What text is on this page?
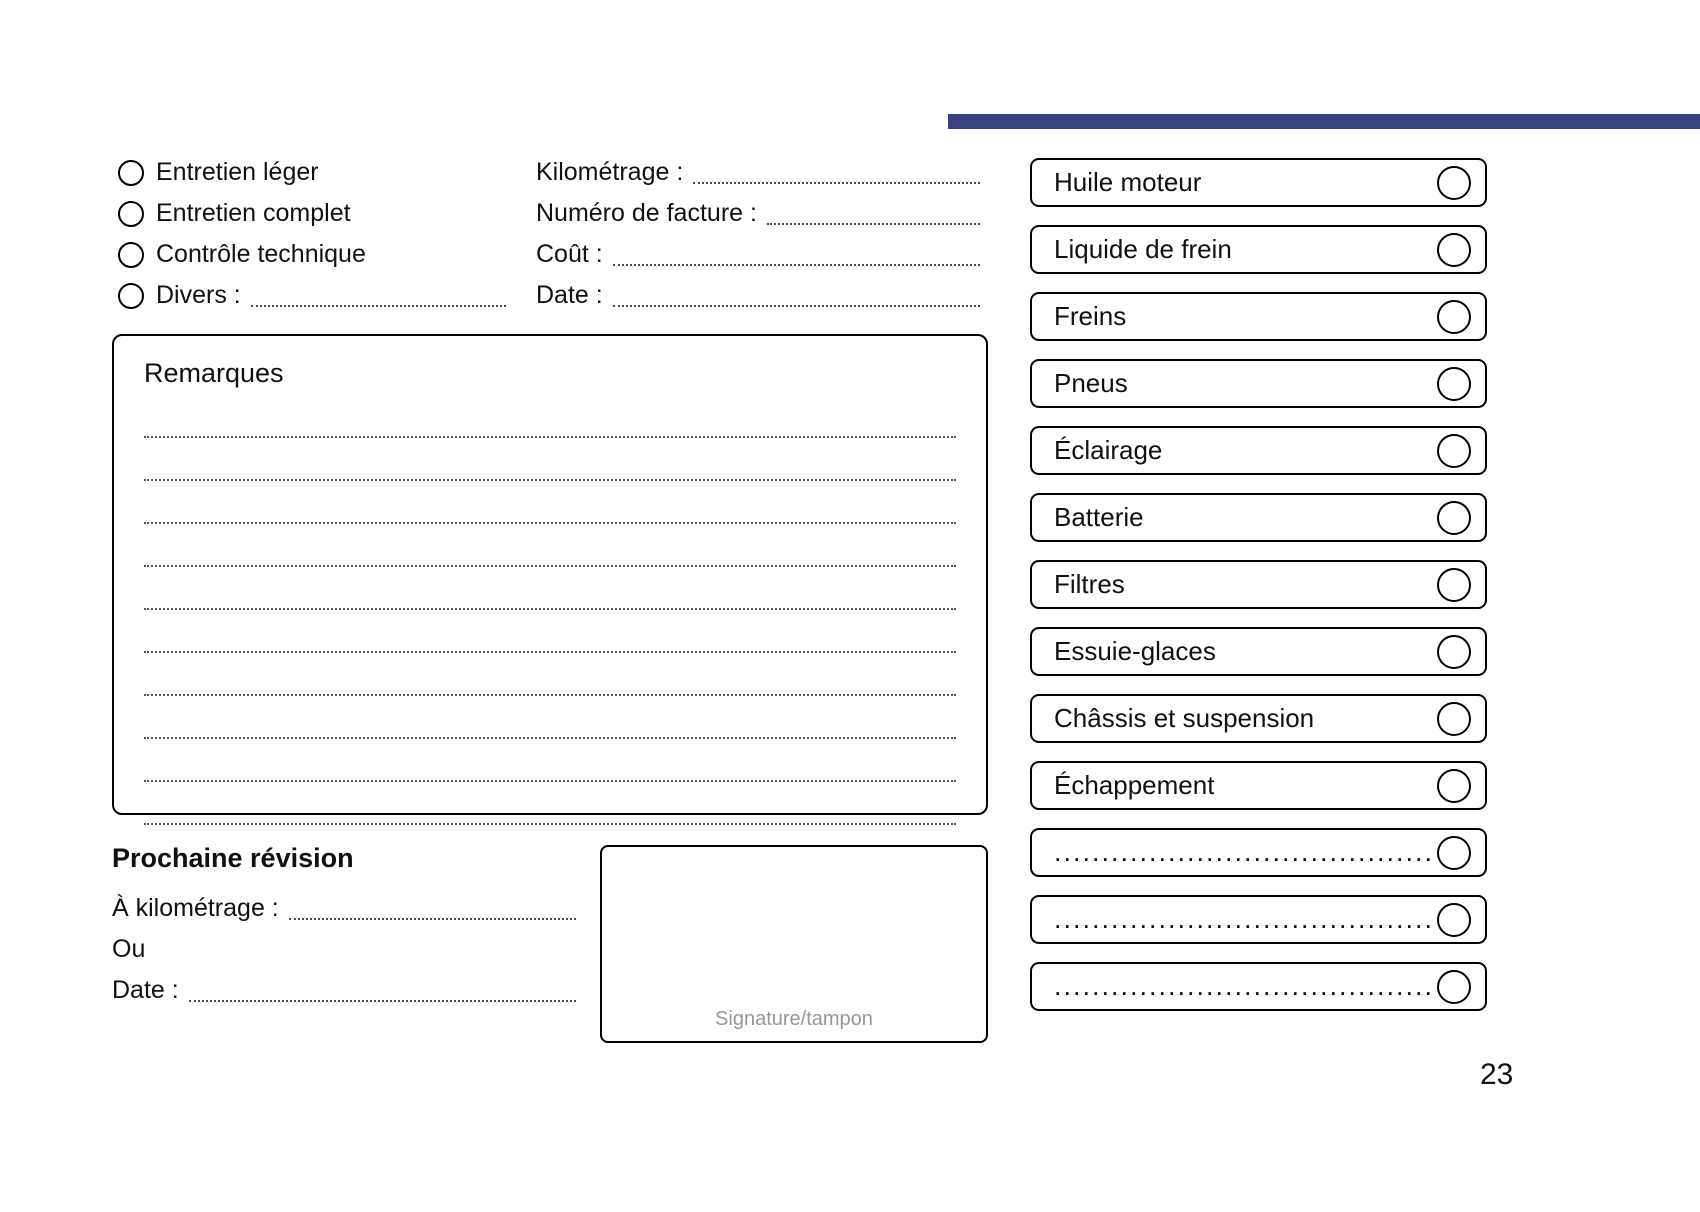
Entretien léger
Entretien complet
Contrôle technique
Divers :
Kilométrage :
Numéro de facture :
Coût :
Date :
Remarques
Prochaine révision
À kilométrage :
Ou
Date :
Signature/tampon
Huile moteur
Liquide de frein
Freins
Pneus
Éclairage
Batterie
Filtres
Essuie-glaces
Châssis et suspension
Échappement
........................................
........................................
........................................
23
